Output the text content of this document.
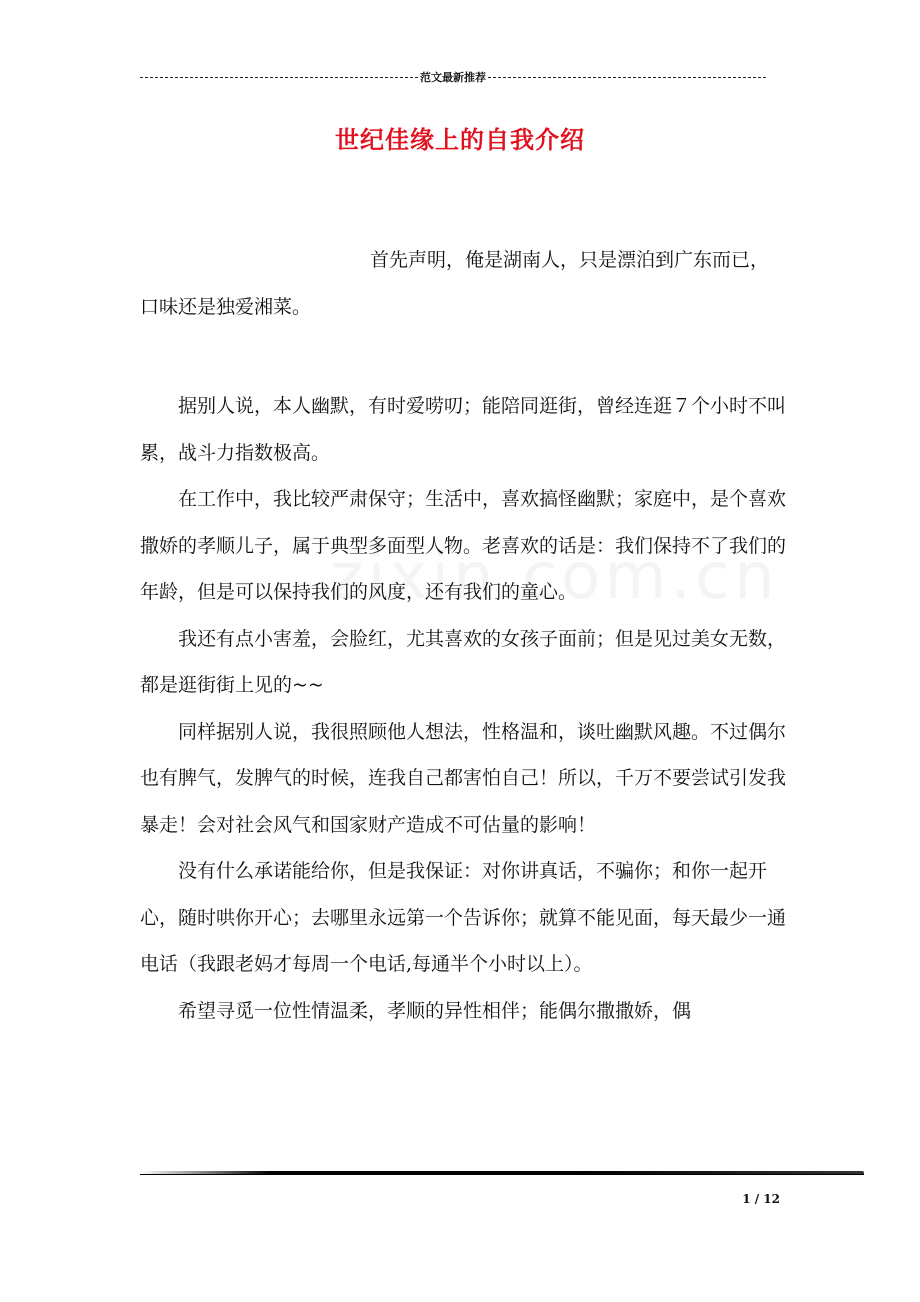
范文最新推荐
世纪佳缘上的自我介绍

首先声明，俺是湖南人，只是漂泊到广东而已，口味还是独爱湘菜。

据别人说，本人幽默，有时爱唠叨；能陪同逛街，曾经连逛７个小时不叫累，战斗力指数极高。

在工作中，我比较严肃保守；生活中，喜欢搞怪幽默；家庭中，是个喜欢撒娇的孝顺儿子，属于典型多面型人物。老喜欢的话是：我们保持不了我们的年龄，但是可以保持我们的风度，还有我们的童心。

我还有点小害羞，会脸红，尤其喜欢的女孩子面前；但是见过美女无数，都是逛街街上见的~~

同样据别人说，我很照顾他人想法，性格温和，谈吐幽默风趣。不过偶尔也有脾气，发脾气的时候，连我自己都害怕自己！所以，千万不要尝试引发我暴走！会对社会风气和国家财产造成不可估量的影响！

没有什么承诺能给你，但是我保证：对你讲真话，不骗你；和你一起开心，随时哄你开心；去哪里永远第一个告诉你；就算不能见面，每天最少一通电话（我跟老妈才每周一个电话,每通半个小时以上）。

希望寻觅一位性情温柔，孝顺的异性相伴；能偶尔撒撒娇，偶

1 / 12
